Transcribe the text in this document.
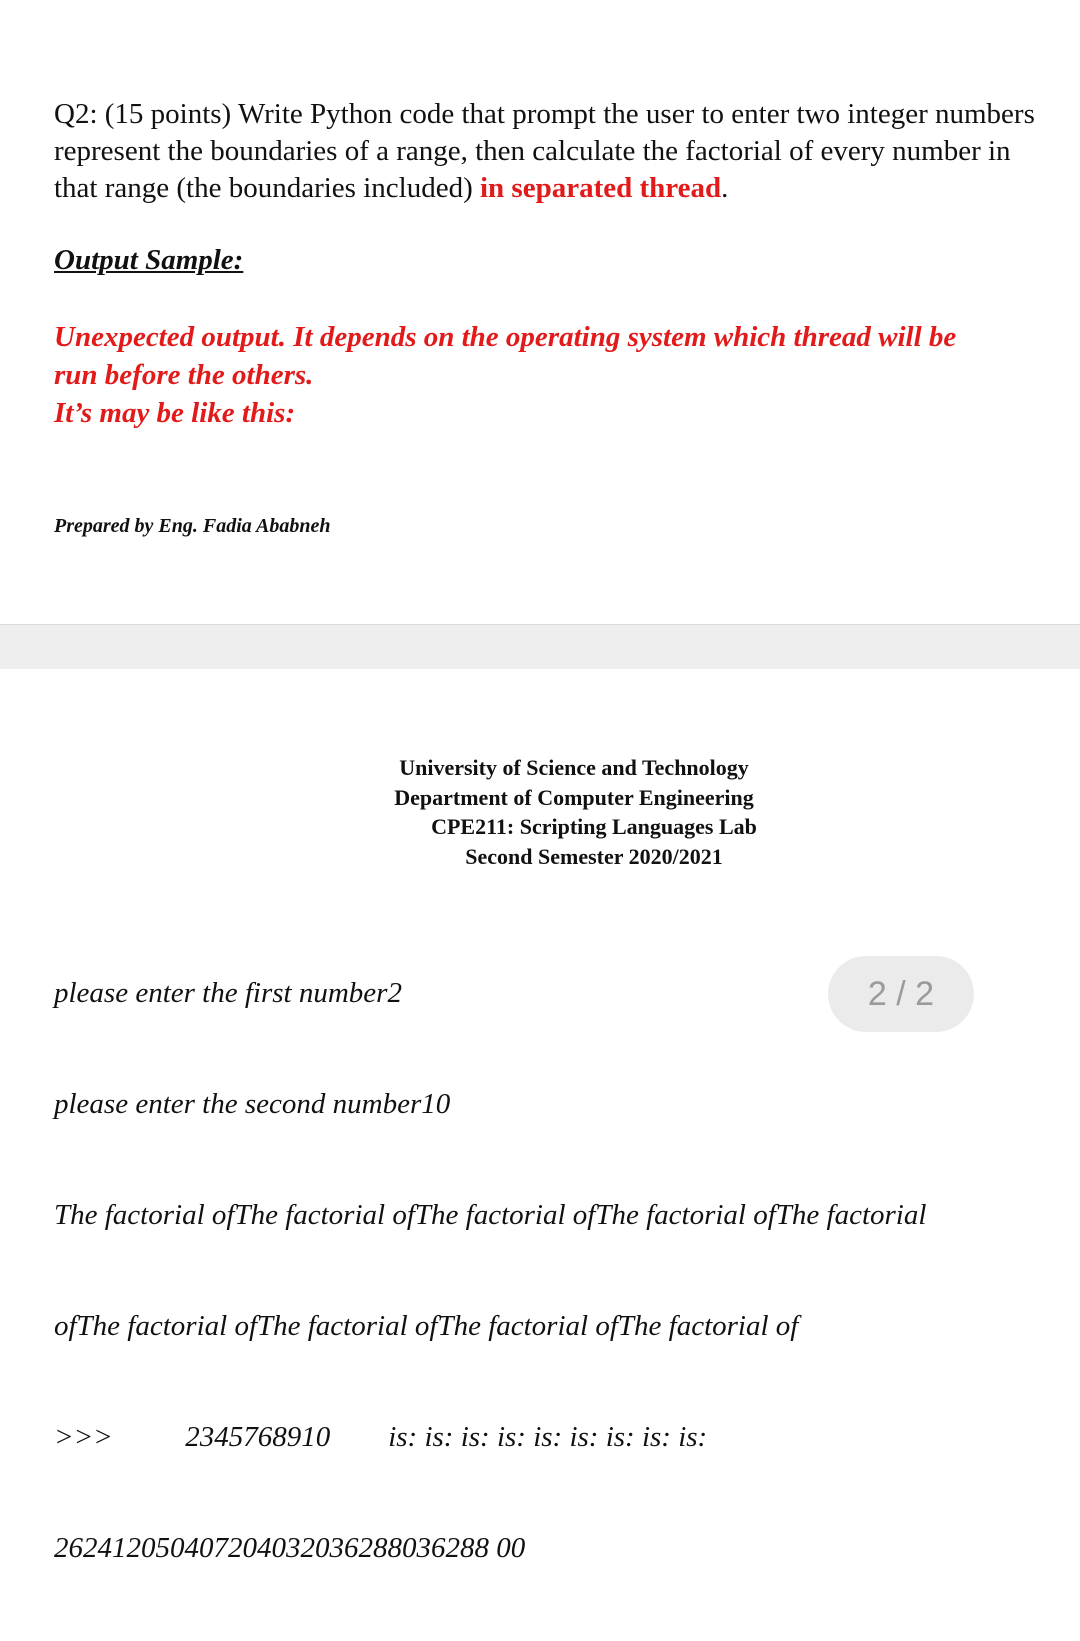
Q2: (15 points) Write Python code that prompt the user to enter two integer numbers represent the boundaries of a range, then calculate the factorial of every number in that range (the boundaries included) in separated thread.

Output Sample:

Unexpected output. It depends on the operating system which thread will be
run before the others.
It’s may be like this:

Prepared by Eng. Fadia Ababneh

University of Science and Technology
Department of Computer Engineering
CPE211: Scripting Languages Lab
Second Semester 2020/2021

please enter the first number2

please enter the second number10

The factorial ofThe factorial ofThe factorial ofThe factorial ofThe factorial

ofThe factorial ofThe factorial ofThe factorial ofThe factorial of

>>>          2345768910        is: is: is: is: is: is: is: is: is:

262412050407204032036288036288 00

2 / 2
